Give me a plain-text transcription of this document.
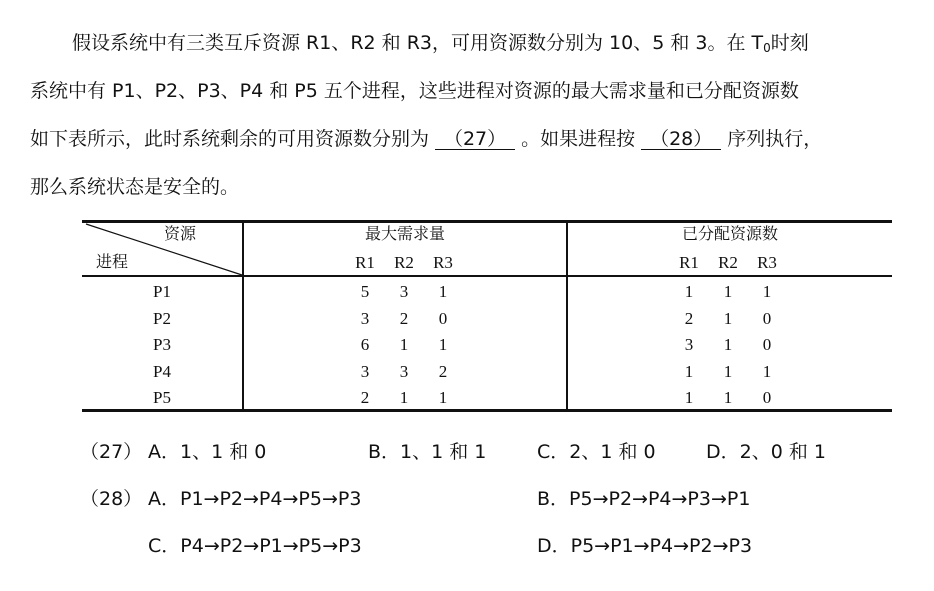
假设系统中有三类互斥资源 R1、R2 和 R3，可用资源数分别为 10、5 和 3。在 $T_0$时刻
系统中有 P1、P2、P3、P4 和 P5 五个进程，这些进程对资源的最大需求量和已分配资源数
如下表所示，此时系统剩余的可用资源数分别为 （27） 。如果进程按 （28） 序列执行，
那么系统状态是安全的。
资源
进程
最大需求量	已分配资源数
R1 R2 R3	R1 R2 R3
P1	5	3	1	1	1	1
P2	3	2	0	2	1	0
P3	6	1	1	3	1	0
P4	3	3	2	1	1	1
P5	2	1	1	1	1	0
（27） A．1、1 和 0	B．1、1 和 1	C．2、1 和 0	D．2、0 和 1
（28） A．P1→P2→P4→P5→P3	B．P5→P2→P4→P3→P1
C．P4→P2→P1→P5→P3	D．P5→P1→P4→P2→P3
